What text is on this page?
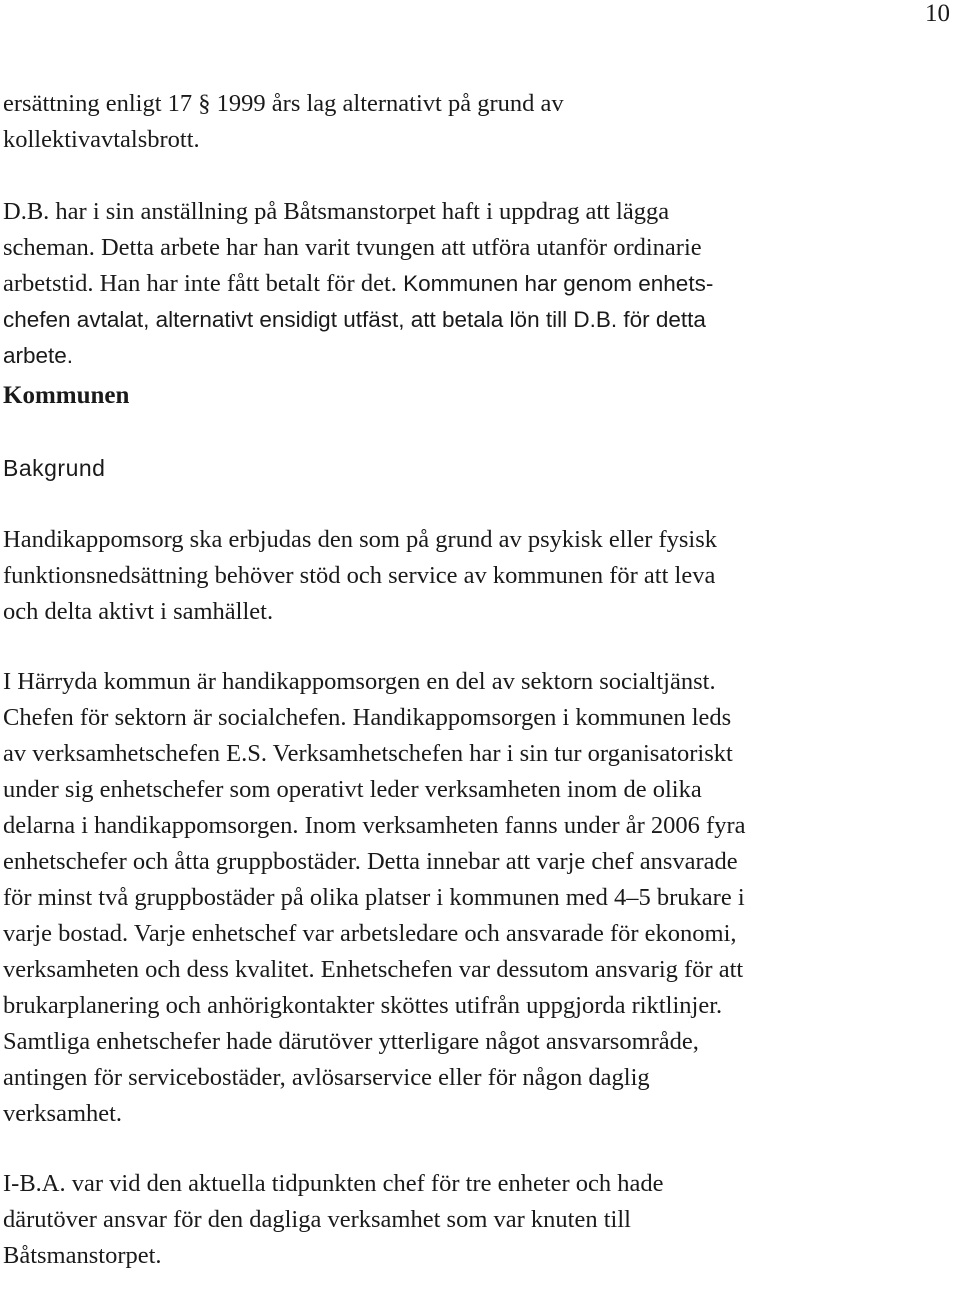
10

ersättning enligt 17 § 1999 års lag alternativt på grund av
kollektivavtalsbrott.

D.B. har i sin anställning på Båtsmanstorpet haft i uppdrag att lägga
scheman. Detta arbete har han varit tvungen att utföra utanför ordinarie
arbetstid. Han har inte fått betalt för det. Kommunen har genom enhets-
chefen avtalat, alternativt ensidigt utfäst, att betala lön till D.B. för detta
arbete.

Kommunen

Bakgrund

Handikappomsorg ska erbjudas den som på grund av psykisk eller fysisk
funktionsnedsättning behöver stöd och service av kommunen för att leva
och delta aktivt i samhället.

I Härryda kommun är handikappomsorgen en del av sektorn socialtjänst.
Chefen för sektorn är socialchefen. Handikappomsorgen i kommunen leds
av verksamhetschefen E.S. Verksamhetschefen har i sin tur organisatoriskt
under sig enhetschefer som operativt leder verksamheten inom de olika
delarna i handikappomsorgen. Inom verksamheten fanns under år 2006 fyra
enhetschefer och åtta gruppbostäder. Detta innebar att varje chef ansvarade
för minst två gruppbostäder på olika platser i kommunen med 4–5 brukare i
varje bostad. Varje enhetschef var arbetsledare och ansvarade för ekonomi,
verksamheten och dess kvalitet. Enhetschefen var dessutom ansvarig för att
brukarplanering och anhörigkontakter sköttes utifrån uppgjorda riktlinjer.
Samtliga enhetschefer hade därutöver ytterligare något ansvarsområde,
antingen för servicebostäder, avlösarservice eller för någon daglig
verksamhet.

I-B.A. var vid den aktuella tidpunkten chef för tre enheter och hade
därutöver ansvar för den dagliga verksamhet som var knuten till
Båtsmanstorpet.
